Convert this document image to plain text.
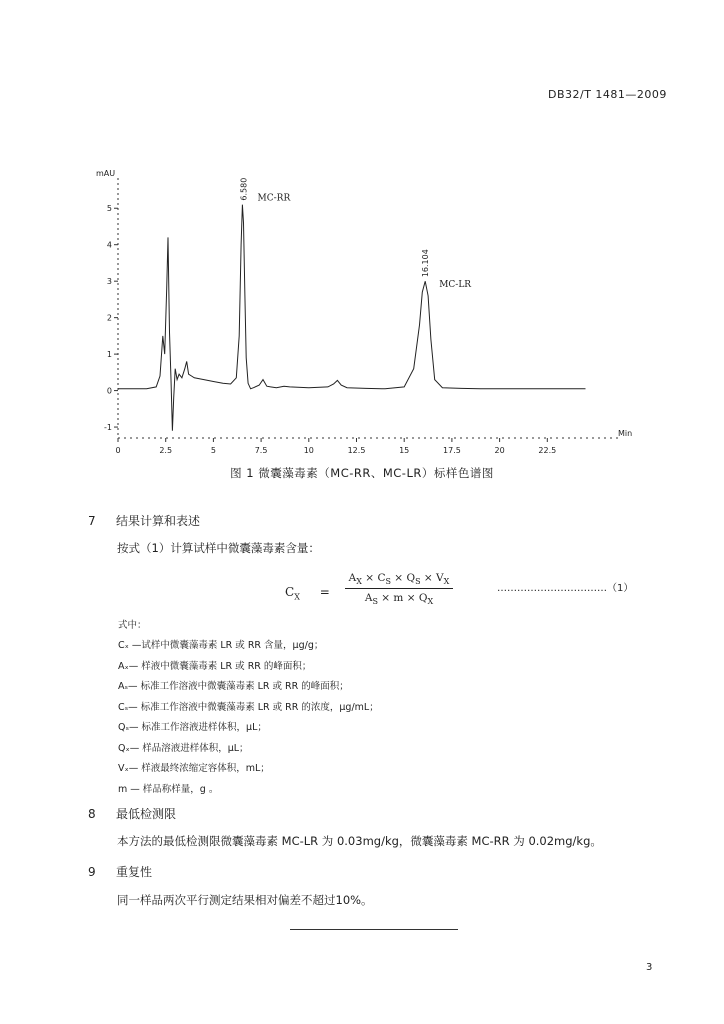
DB32/T 1481—2009
5
4
3
2
1
0
-1
0	2.5	5	7.5	10	12.5	15	17.5	20	22.5
6.580 MC-RR
16.104
MC-LR
mAU
Min
图 1 微囊藻毒素（MC-RR、MC-LR）标样色谱图
7 结果计算和表述
按式（1）计算试样中微囊藻毒素含量：
$C_X = \frac{A_X \times C_S \times Q_S \times V_X}{A_S \times m \times Q_X}$	……………………………（1）
式中：
Cₓ —试样中微囊藻毒素 LR 或 RR 含量，μg/g；
Aₓ— 样液中微囊藻毒素 LR 或 RR 的峰面积；
Aₛ— 标准工作溶液中微囊藻毒素 LR 或 RR 的峰面积；
Cₛ— 标准工作溶液中微囊藻毒素 LR 或 RR 的浓度，μg/mL；
Qₛ— 标准工作溶液进样体积，μL；
Qₓ— 样品溶液进样体积，μL；
Vₓ— 样液最终浓缩定容体积，mL；
m — 样品称样量，g 。
8 最低检测限
本方法的最低检测限微囊藻毒素 MC-LR 为 0.03mg/kg，微囊藻毒素 MC-RR 为 0.02mg/kg。
9 重复性
同一样品两次平行测定结果相对偏差不超过10%。
3
